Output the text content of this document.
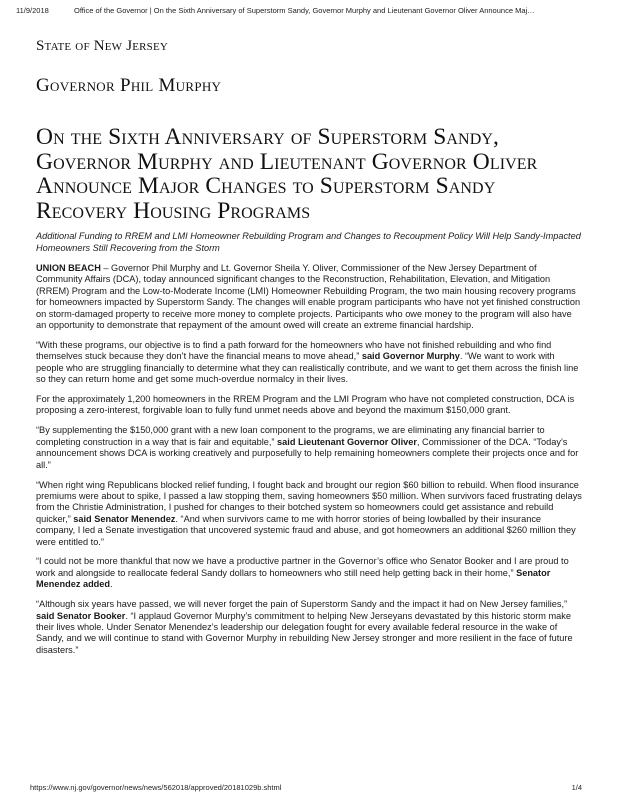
11/9/2018	Office of the Governor | On the Sixth Anniversary of Superstorm Sandy, Governor Murphy and Lieutenant Governor Oliver Announce Maj…
State of New Jersey
Governor Phil Murphy
On the Sixth Anniversary of Superstorm Sandy, Governor Murphy and Lieutenant Governor Oliver Announce Major Changes to Superstorm Sandy Recovery Housing Programs
Additional Funding to RREM and LMI Homeowner Rebuilding Program and Changes to Recoupment Policy Will Help Sandy-Impacted Homeowners Still Recovering from the Storm
UNION BEACH – Governor Phil Murphy and Lt. Governor Sheila Y. Oliver, Commissioner of the New Jersey Department of Community Affairs (DCA), today announced significant changes to the Reconstruction, Rehabilitation, Elevation, and Mitigation (RREM) Program and the Low-to-Moderate Income (LMI) Homeowner Rebuilding Program, the two main housing recovery programs for homeowners impacted by Superstorm Sandy. The changes will enable program participants who have not yet finished construction on storm-damaged property to receive more money to complete projects. Participants who owe money to the program will also have an opportunity to demonstrate that repayment of the amount owed will create an extreme financial hardship.
“With these programs, our objective is to find a path forward for the homeowners who have not finished rebuilding and who find themselves stuck because they don’t have the financial means to move ahead,” said Governor Murphy. “We want to work with people who are struggling financially to determine what they can realistically contribute, and we want to get them across the finish line so they can return home and get some much-overdue normalcy in their lives.
For the approximately 1,200 homeowners in the RREM Program and the LMI Program who have not completed construction, DCA is proposing a zero-interest, forgivable loan to fully fund unmet needs above and beyond the maximum $150,000 grant.
“By supplementing the $150,000 grant with a new loan component to the programs, we are eliminating any financial barrier to completing construction in a way that is fair and equitable,” said Lieutenant Governor Oliver, Commissioner of the DCA. “Today’s announcement shows DCA is working creatively and purposefully to help remaining homeowners complete their projects once and for all.”
“When right wing Republicans blocked relief funding, I fought back and brought our region $60 billion to rebuild. When flood insurance premiums were about to spike, I passed a law stopping them, saving homeowners $50 million. When survivors faced frustrating delays from the Christie Administration, I pushed for changes to their botched system so homeowners could get assistance and rebuild quicker,” said Senator Menendez. “And when survivors came to me with horror stories of being lowballed by their insurance company, I led a Senate investigation that uncovered systemic fraud and abuse, and got homeowners an additional $260 million they were entitled to.”
“I could not be more thankful that now we have a productive partner in the Governor’s office who Senator Booker and I are proud to work and alongside to reallocate federal Sandy dollars to homeowners who still need help getting back in their home,” Senator Menendez added.
“Although six years have passed, we will never forget the pain of Superstorm Sandy and the impact it had on New Jersey families,” said Senator Booker. “I applaud Governor Murphy’s commitment to helping New Jerseyans devastated by this historic storm make their lives whole. Under Senator Menendez’s leadership our delegation fought for every available federal resource in the wake of Sandy, and we will continue to stand with Governor Murphy in rebuilding New Jersey stronger and more resilient in the face of future disasters.”
https://www.nj.gov/governor/news/news/562018/approved/20181029b.shtml	1/4
